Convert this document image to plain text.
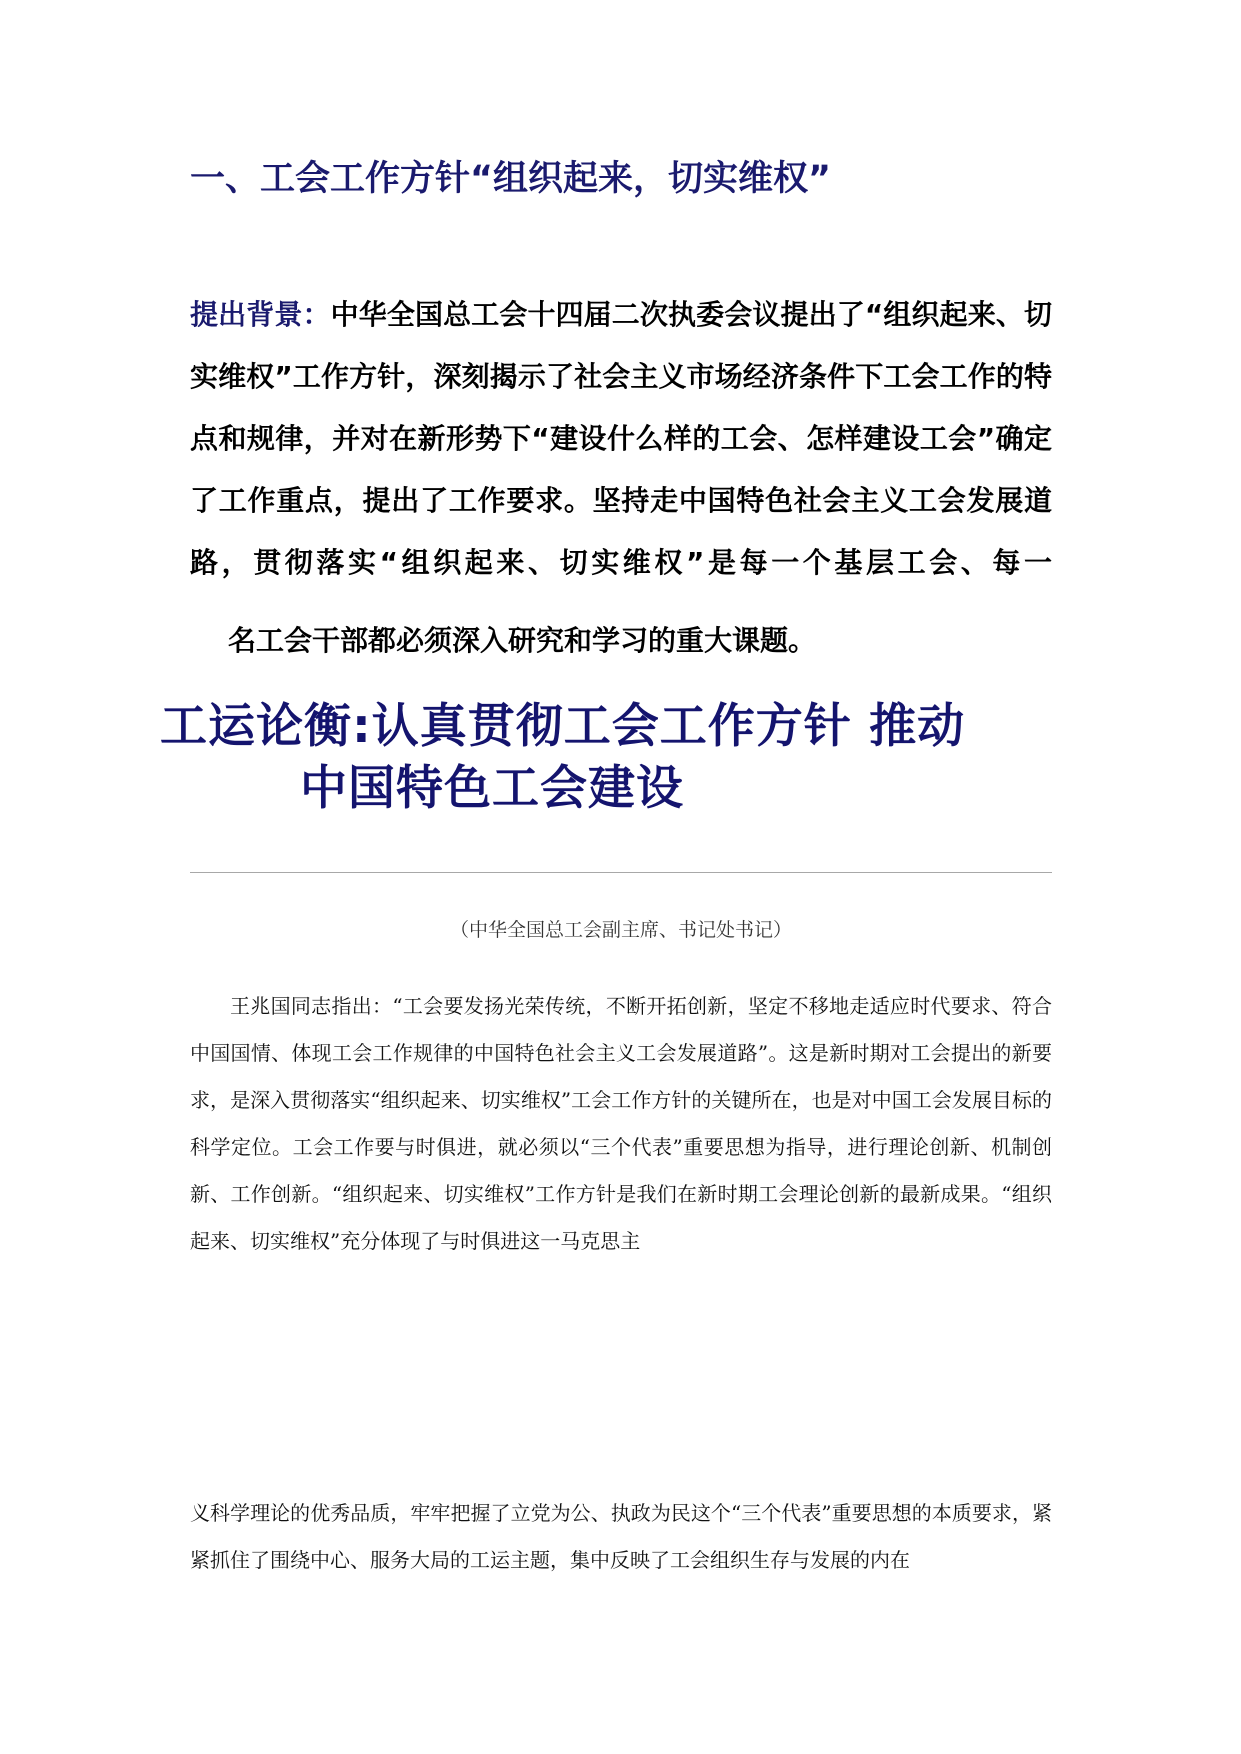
一、工会工作方针“组织起来，切实维权”
提出背景：中华全国总工会十四届二次执委会议提出了“组织起来、切实维权”工作方针，深刻揭示了社会主义市场经济条件下工会工作的特点和规律，并对在新形势下“建设什么样的工会、怎样建设工会”确定了工作重点，提出了工作要求。坚持走中国特色社会主义工会发展道路，贯彻落实“组织起来、切实维权”是每一个基层工会、每一
名工会干部都必须深入研究和学习的重大课题。
工运论衡:认真贯彻工会工作方针 推动
中国特色工会建设
（中华全国总工会副主席、书记处书记）

王兆国同志指出：“工会要发扬光荣传统，不断开拓创新，坚定不移地走适应时代要求、符合中国国情、体现工会工作规律的中国特色社会主义工会发展道路”。这是新时期对工会提出的新要求，是深入贯彻落实“组织起来、切实维权”工会工作方针的关键所在，也是对中国工会发展目标的科学定位。工会工作要与时俱进，就必须以“三个代表”重要思想为指导，进行理论创新、机制创新、工作创新。“组织起来、切实维权”工作方针是我们在新时期工会理论创新的最新成果。“组织起来、切实维权”充分体现了与时俱进这一马克思主

义科学理论的优秀品质，牢牢把握了立党为公、执政为民这个“三个代表”重要思想的本质要求，紧紧抓住了围绕中心、服务大局的工运主题，集中反映了工会组织生存与发展的内在
